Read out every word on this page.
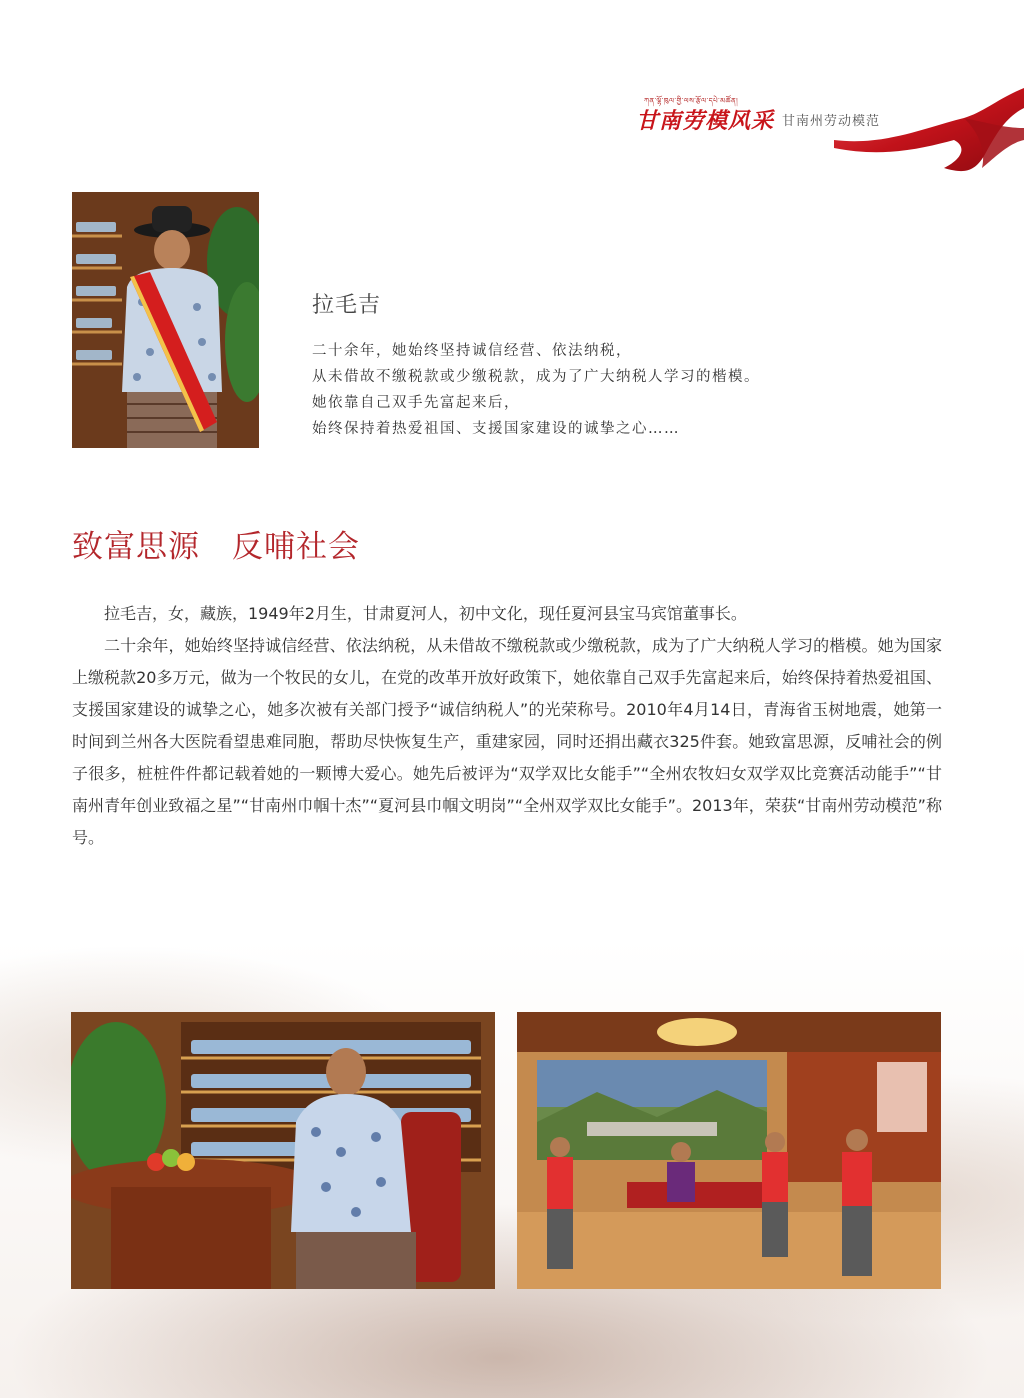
ཀན་ལྷོ་ཁུལ་གྱི་ལས་རྩོལ་དཔེ་མཚོན།
甘南劳模风采 甘南州劳动模范
拉毛吉
二十余年，她始终坚持诚信经营、依法纳税，
从未借故不缴税款或少缴税款，成为了广大纳税人学习的楷模。
她依靠自己双手先富起来后，
始终保持着热爱祖国、支援国家建设的诚挚之心……
致富思源　反哺社会

拉毛吉，女，藏族，1949年2月生，甘肃夏河人，初中文化，现任夏河县宝马宾馆董事长。

二十余年，她始终坚持诚信经营、依法纳税，从未借故不缴税款或少缴税款，成为了广大纳税人学习的楷模。她为国家上缴税款20多万元，做为一个牧民的女儿，在党的改革开放好政策下，她依靠自己双手先富起来后，始终保持着热爱祖国、支援国家建设的诚挚之心，她多次被有关部门授予“诚信纳税人”的光荣称号。2010年4月14日，青海省玉树地震，她第一时间到兰州各大医院看望患难同胞，帮助尽快恢复生产，重建家园，同时还捐出藏衣325件套。她致富思源，反哺社会的例子很多，桩桩件件都记载着她的一颗博大爱心。她先后被评为“双学双比女能手”“全州农牧妇女双学双比竞赛活动能手”“甘南州青年创业致福之星”“甘南州巾帼十杰”“夏河县巾帼文明岗”“全州双学双比女能手”。2013年，荣获“甘南州劳动模范”称号。
